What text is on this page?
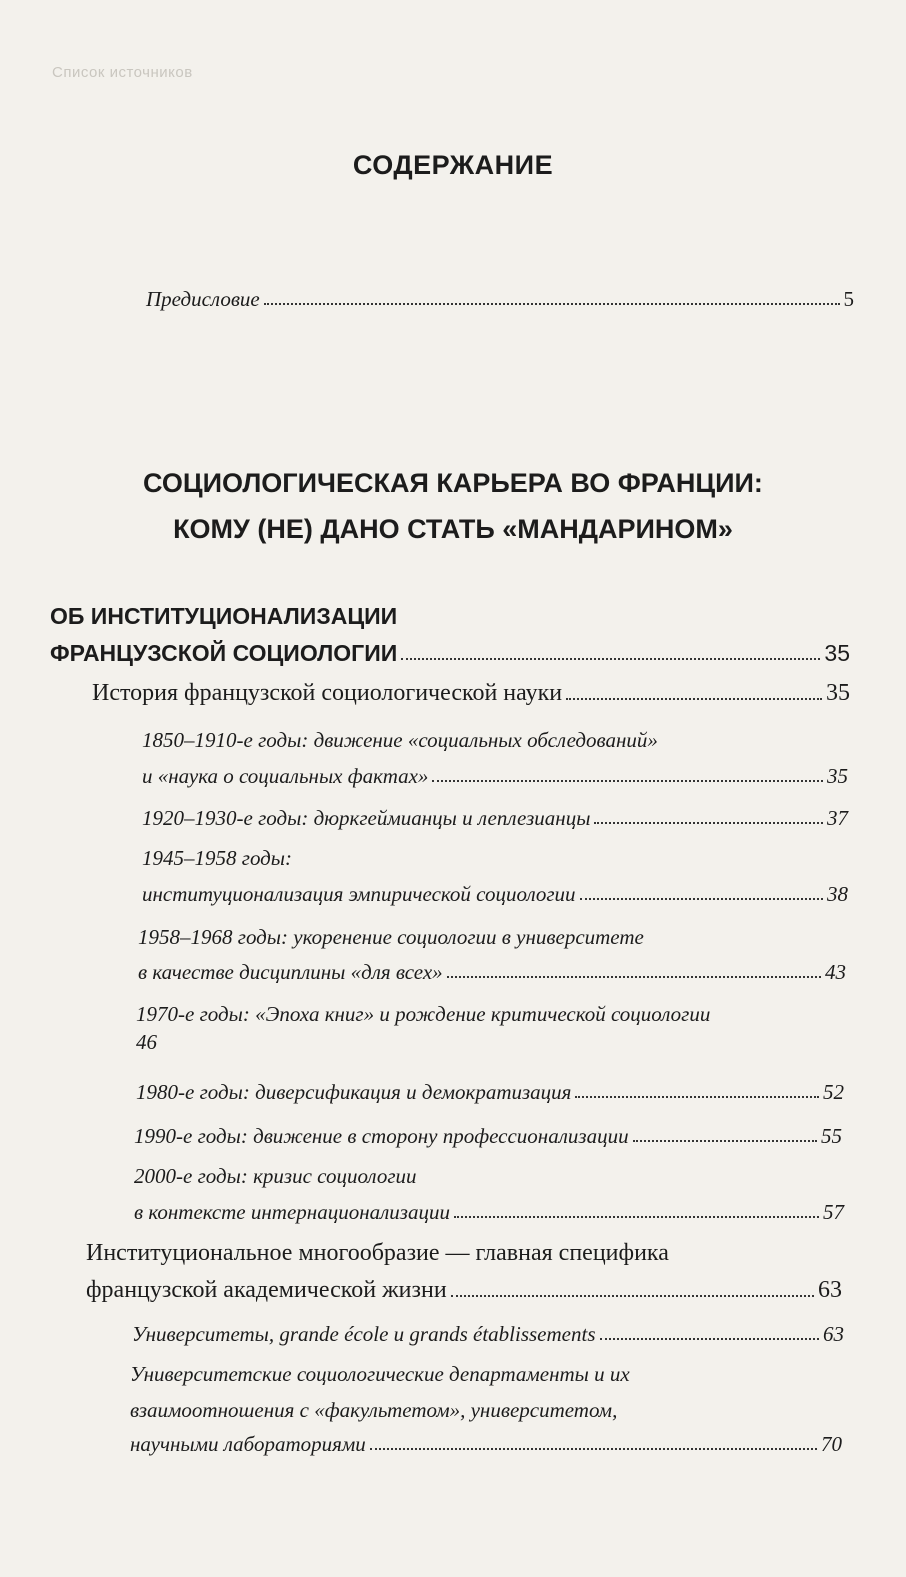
Список источников
СОДЕРЖАНИЕ
Предисловие	5
СОЦИОЛОГИЧЕСКАЯ КАРЬЕРА ВО ФРАНЦИИ:
КОМУ (НЕ) ДАНО СТАТЬ «МАНДАРИНОМ»
ОБ ИНСТИТУЦИОНАЛИЗАЦИИ
ФРАНЦУЗСКОЙ СОЦИОЛОГИИ	35
История французской социологической науки	35
1850–1910-е годы: движение «социальных обследований»
и «наука о социальных фактах»	35
1920–1930-е годы: дюркгеймианцы и леплезианцы	37
1945–1958 годы:
институционализация эмпирической социологии	38
1958–1968 годы: укоренение социологии в университете
в качестве дисциплины «для всех»	43
1970-е годы: «Эпоха книг» и рождение критической социологии
46
1980-е годы: диверсификация и демократизация	52
1990-е годы: движение в сторону профессионализации	55
2000-е годы: кризис социологии
в контексте интернационализации	57
Институциональное многообразие — главная специфика
французской академической жизни	63
Университеты, grande école и grands établissements	63
Университетские социологические департаменты и их
взаимоотношения с «факультетом», университетом,
научными лабораториями	70
